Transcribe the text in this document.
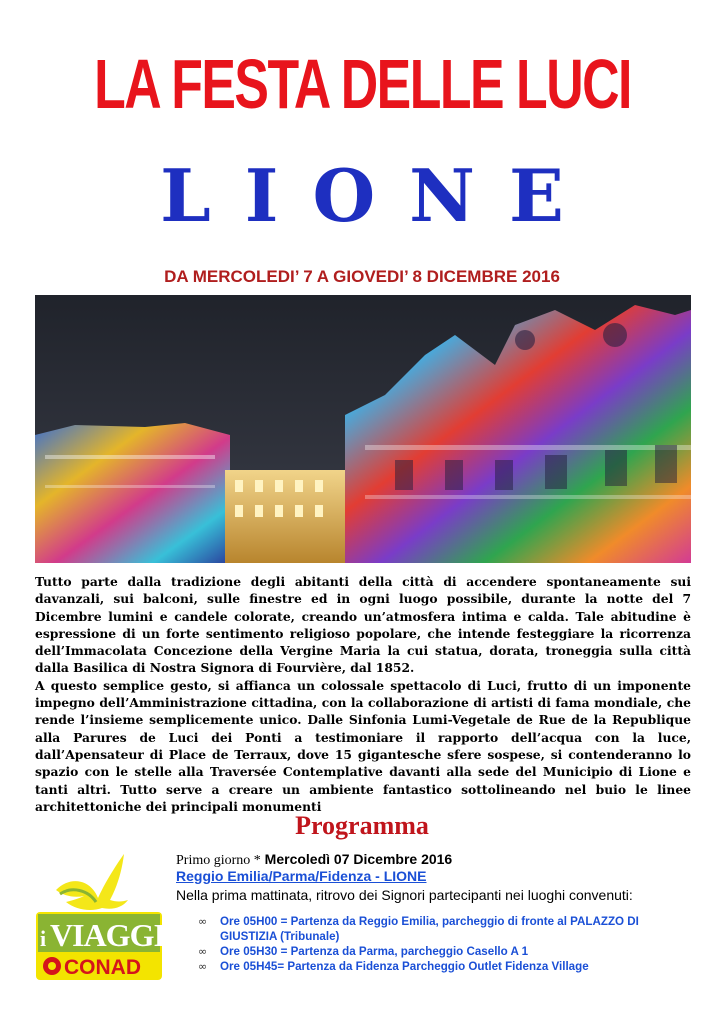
LA FESTA DELLE LUCI
LIONE
DA MERCOLEDI’ 7 A GIOVEDI’ 8 DICEMBRE 2016

Tutto parte dalla tradizione degli abitanti della città di accendere spontaneamente sui davanzali, sui balconi, sulle finestre ed in ogni luogo possibile, durante la notte del 7 Dicembre lumini e candele colorate, creando un’atmosfera intima e calda. Tale abitudine è espressione di un forte sentimento religioso popolare, che intende festeggiare la ricorrenza dell’Immacolata Concezione della Vergine Maria la cui statua, dorata, troneggia sulla città dalla Basilica di Nostra Signora di Fourvière, dal 1852.

A questo semplice gesto, si affianca un colossale spettacolo di Luci, frutto di un imponente impegno dell’Amministrazione cittadina, con la collaborazione di artisti di fama mondiale, che rende l’insieme semplicemente unico. Dalle Sinfonia Lumi-Vegetale de Rue de la Republique alla Parures de Luci dei Ponti a testimoniare il rapporto dell’acqua con la luce, dall’Apensateur di Place de Terraux, dove 15 gigantesche sfere sospese, si contenderanno lo spazio con le stelle alla Traversée Contemplative davanti alla sede del Municipio di Lione e tanti altri. Tutto serve a creare un ambiente fantastico sottolineando nel buio le linee architettoniche dei principali monumenti

Programma
i VIAGGI
CONAD
Primo giorno * Mercoledì 07 Dicembre 2016
Reggio Emilia/Parma/Fidenza - LIONE
Nella prima mattinata, ritrovo dei Signori partecipanti nei luoghi convenuti:
∞ Ore 05H00 = Partenza da Reggio Emilia, parcheggio di fronte al PALAZZO DI GIUSTIZIA (Tribunale)
∞ Ore 05H30 = Partenza da Parma, parcheggio Casello A 1
∞ Ore 05H45= Partenza da Fidenza Parcheggio Outlet Fidenza Village
